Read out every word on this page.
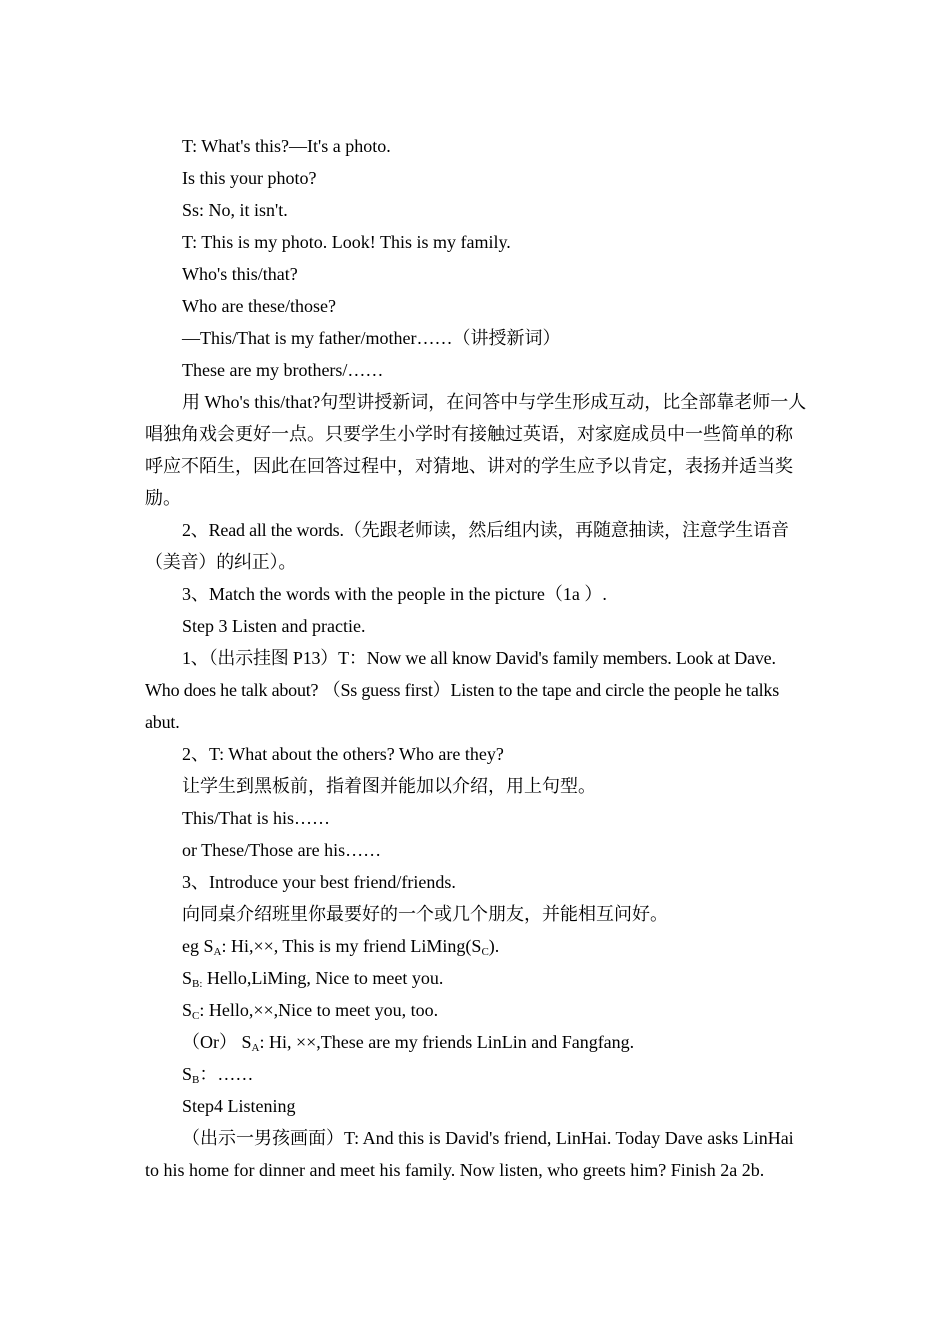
T: What's this?—It's a photo.

Is this your photo?

Ss: No, it isn't.

T: This is my photo. Look! This is my family.

Who's this/that?

Who are these/those?

—This/That is my father/mother……（讲授新词）

These are my brothers/……

用 Who's this/that?句型讲授新词，在问答中与学生形成互动，比全部靠老师一人唱独角戏会更好一点。只要学生小学时有接触过英语，对家庭成员中一些简单的称呼应不陌生，因此在回答过程中，对猜地、讲对的学生应予以肯定，表扬并适当奖励。

2、Read all the words.（先跟老师读，然后组内读，再随意抽读，注意学生语音（美音）的纠正）。

3、Match the words with the people in the picture（1a ）.

Step 3 Listen and practie.

1、（出示挂图 P13）T：Now we all know David's family members. Look at Dave. Who does he talk about? （Ss guess first）Listen to the tape and circle the people he talks abut.

2、T: What about the others? Who are they?

让学生到黑板前，指着图并能加以介绍，用上句型。

This/That is his……

or These/Those are his……

3、Introduce your best friend/friends.

向同桌介绍班里你最要好的一个或几个朋友，并能相互问好。

eg $S_A$: Hi,××, This is my friend $LiMing(S_C)$.

$S_{B:}$ Hello,LiMing, Nice to meet you.

$S_C$: Hello,××,Nice to meet you, too.

（Or） $S_A$: Hi, ××,These are my friends LinLin and Fangfang.

$S_B$：……

Step4 Listening

（出示一男孩画面）T: And this is David's friend, LinHai. Today Dave asks LinHai to his home for dinner and meet his family. Now listen, who greets him? Finish 2a 2b.
